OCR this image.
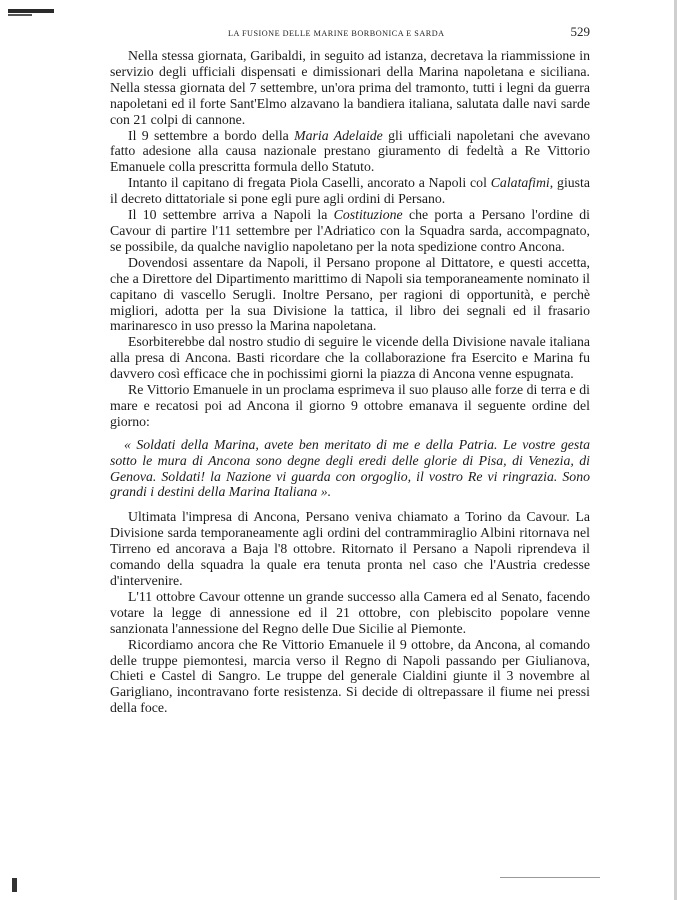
LA FUSIONE DELLE MARINE BORBONICA E SARDA	529

Nella stessa giornata, Garibaldi, in seguito ad istanza, decretava la riammissione in servizio degli ufficiali dispensati e dimissionari della Marina napoletana e siciliana. Nella stessa giornata del 7 settembre, un'ora prima del tramonto, tutti i legni da guerra napoletani ed il forte Sant'Elmo alzavano la bandiera italiana, salutata dalle navi sarde con 21 colpi di cannone.

Il 9 settembre a bordo della Maria Adelaide gli ufficiali napoletani che avevano fatto adesione alla causa nazionale prestano giuramento di fedeltà a Re Vittorio Emanuele colla prescritta formula dello Statuto.

Intanto il capitano di fregata Piola Caselli, ancorato a Napoli col Calatafimi, giusta il decreto dittatoriale si pone egli pure agli ordini di Persano.

Il 10 settembre arriva a Napoli la Costituzione che porta a Persano l'ordine di Cavour di partire l'11 settembre per l'Adriatico con la Squadra sarda, accompagnato, se possibile, da qualche naviglio napoletano per la nota spedizione contro Ancona.

Dovendosi assentare da Napoli, il Persano propone al Dittatore, e questi accetta, che a Direttore del Dipartimento marittimo di Napoli sia temporaneamente nominato il capitano di vascello Serugli. Inoltre Persano, per ragioni di opportunità, e perchè migliori, adotta per la sua Divisione la tattica, il libro dei segnali ed il frasario marinaresco in uso presso la Marina napoletana.

Esorbiterebbe dal nostro studio di seguire le vicende della Divisione navale italiana alla presa di Ancona. Basti ricordare che la collaborazione fra Esercito e Marina fu davvero così efficace che in pochissimi giorni la piazza di Ancona venne espugnata.

Re Vittorio Emanuele in un proclama esprimeva il suo plauso alle forze di terra e di mare e recatosi poi ad Ancona il giorno 9 ottobre emanava il seguente ordine del giorno:

« Soldati della Marina, avete ben meritato di me e della Patria. Le vostre gesta sotto le mura di Ancona sono degne degli eredi delle glorie di Pisa, di Venezia, di Genova. Soldati! la Nazione vi guarda con orgoglio, il vostro Re vi ringrazia. Sono grandi i destini della Marina Italiana ».

Ultimata l'impresa di Ancona, Persano veniva chiamato a Torino da Cavour. La Divisione sarda temporaneamente agli ordini del contrammiraglio Albini ritornava nel Tirreno ed ancorava a Baja l'8 ottobre. Ritornato il Persano a Napoli riprendeva il comando della squadra la quale era tenuta pronta nel caso che l'Austria credesse d'intervenire.

L'11 ottobre Cavour ottenne un grande successo alla Camera ed al Senato, facendo votare la legge di annessione ed il 21 ottobre, con plebiscito popolare venne sanzionata l'annessione del Regno delle Due Sicilie al Piemonte.

Ricordiamo ancora che Re Vittorio Emanuele il 9 ottobre, da Ancona, al comando delle truppe piemontesi, marcia verso il Regno di Napoli passando per Giulianova, Chieti e Castel di Sangro. Le truppe del generale Cialdini giunte il 3 novembre al Garigliano, incontravano forte resistenza. Si decide di oltrepassare il fiume nei pressi della foce.
